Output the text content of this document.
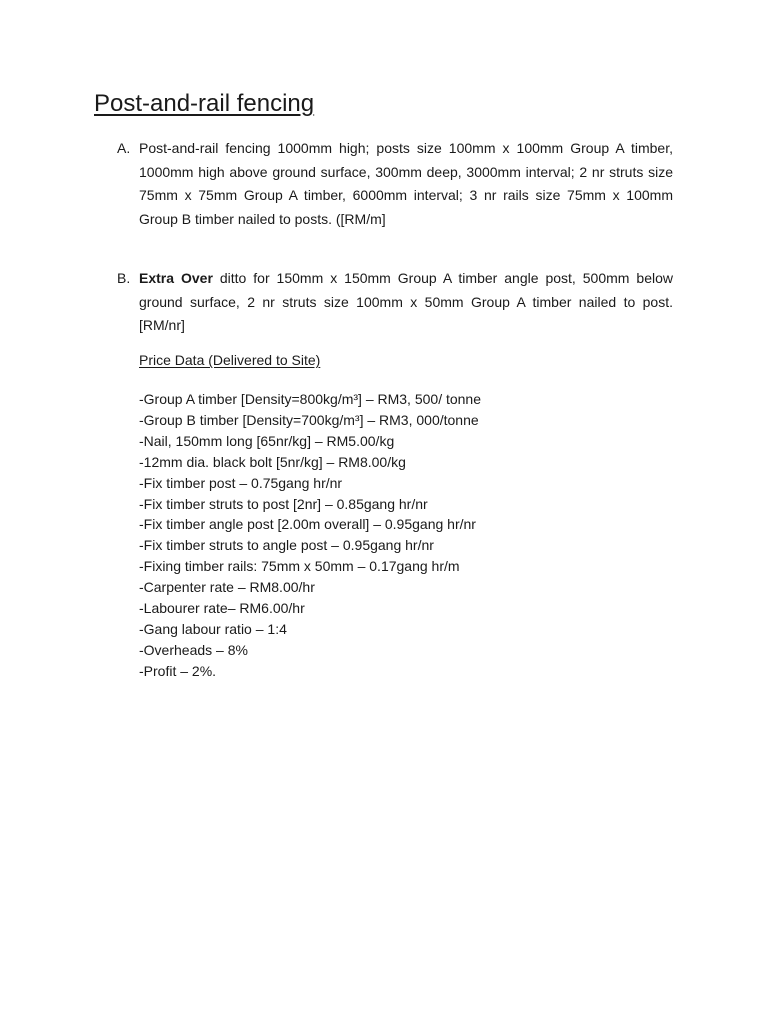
Post-and-rail fencing
A. Post-and-rail fencing 1000mm high; posts size 100mm x 100mm Group A timber, 1000mm high above ground surface, 300mm deep, 3000mm interval; 2 nr struts size 75mm x 75mm Group A timber, 6000mm interval; 3 nr rails size 75mm x 100mm Group B timber nailed to posts. ([RM/m]
B. Extra Over ditto for 150mm x 150mm Group A timber angle post, 500mm below ground surface, 2 nr struts size 100mm x 50mm Group A timber nailed to post. [RM/nr]
Price Data (Delivered to Site)
-Group A timber [Density=800kg/m³] – RM3, 500/ tonne
-Group B timber [Density=700kg/m³] – RM3, 000/tonne
-Nail, 150mm long [65nr/kg] – RM5.00/kg
-12mm dia. black bolt [5nr/kg] – RM8.00/kg
-Fix timber post – 0.75gang hr/nr
-Fix timber struts to post [2nr] – 0.85gang hr/nr
-Fix timber angle post [2.00m overall] – 0.95gang hr/nr
-Fix timber struts to angle post – 0.95gang hr/nr
-Fixing timber rails: 75mm x 50mm – 0.17gang hr/m
-Carpenter rate – RM8.00/hr
-Labourer rate– RM6.00/hr
-Gang labour ratio – 1:4
-Overheads – 8%
-Profit – 2%.
